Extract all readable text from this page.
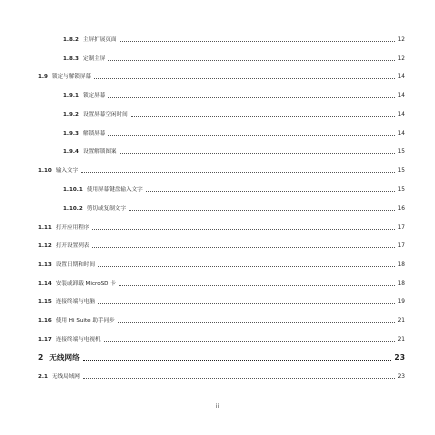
1.8.2 主屏扩展页面	12
1.8.3 定制主屏	12
1.9 锁定与解锁屏幕	14
1.9.1 锁定屏幕	14
1.9.2 设置屏幕空闲时间	14
1.9.3 解锁屏幕	14
1.9.4 设置解锁图案	15
1.10 输入文字	15
1.10.1 使用屏幕键盘输入文字	15
1.10.2 剪切或复制文字	16
1.11 打开应用程序	17
1.12 打开设置列表	17
1.13 设置日期和时间	18
1.14 安装或卸载 MicroSD 卡	18
1.15 连接终端与电脑	19
1.16 使用 Hi Suite 助手同步	21
1.17 连接终端与电视机	21
2 无线网络	23
2.1 无线局域网	23
ii
